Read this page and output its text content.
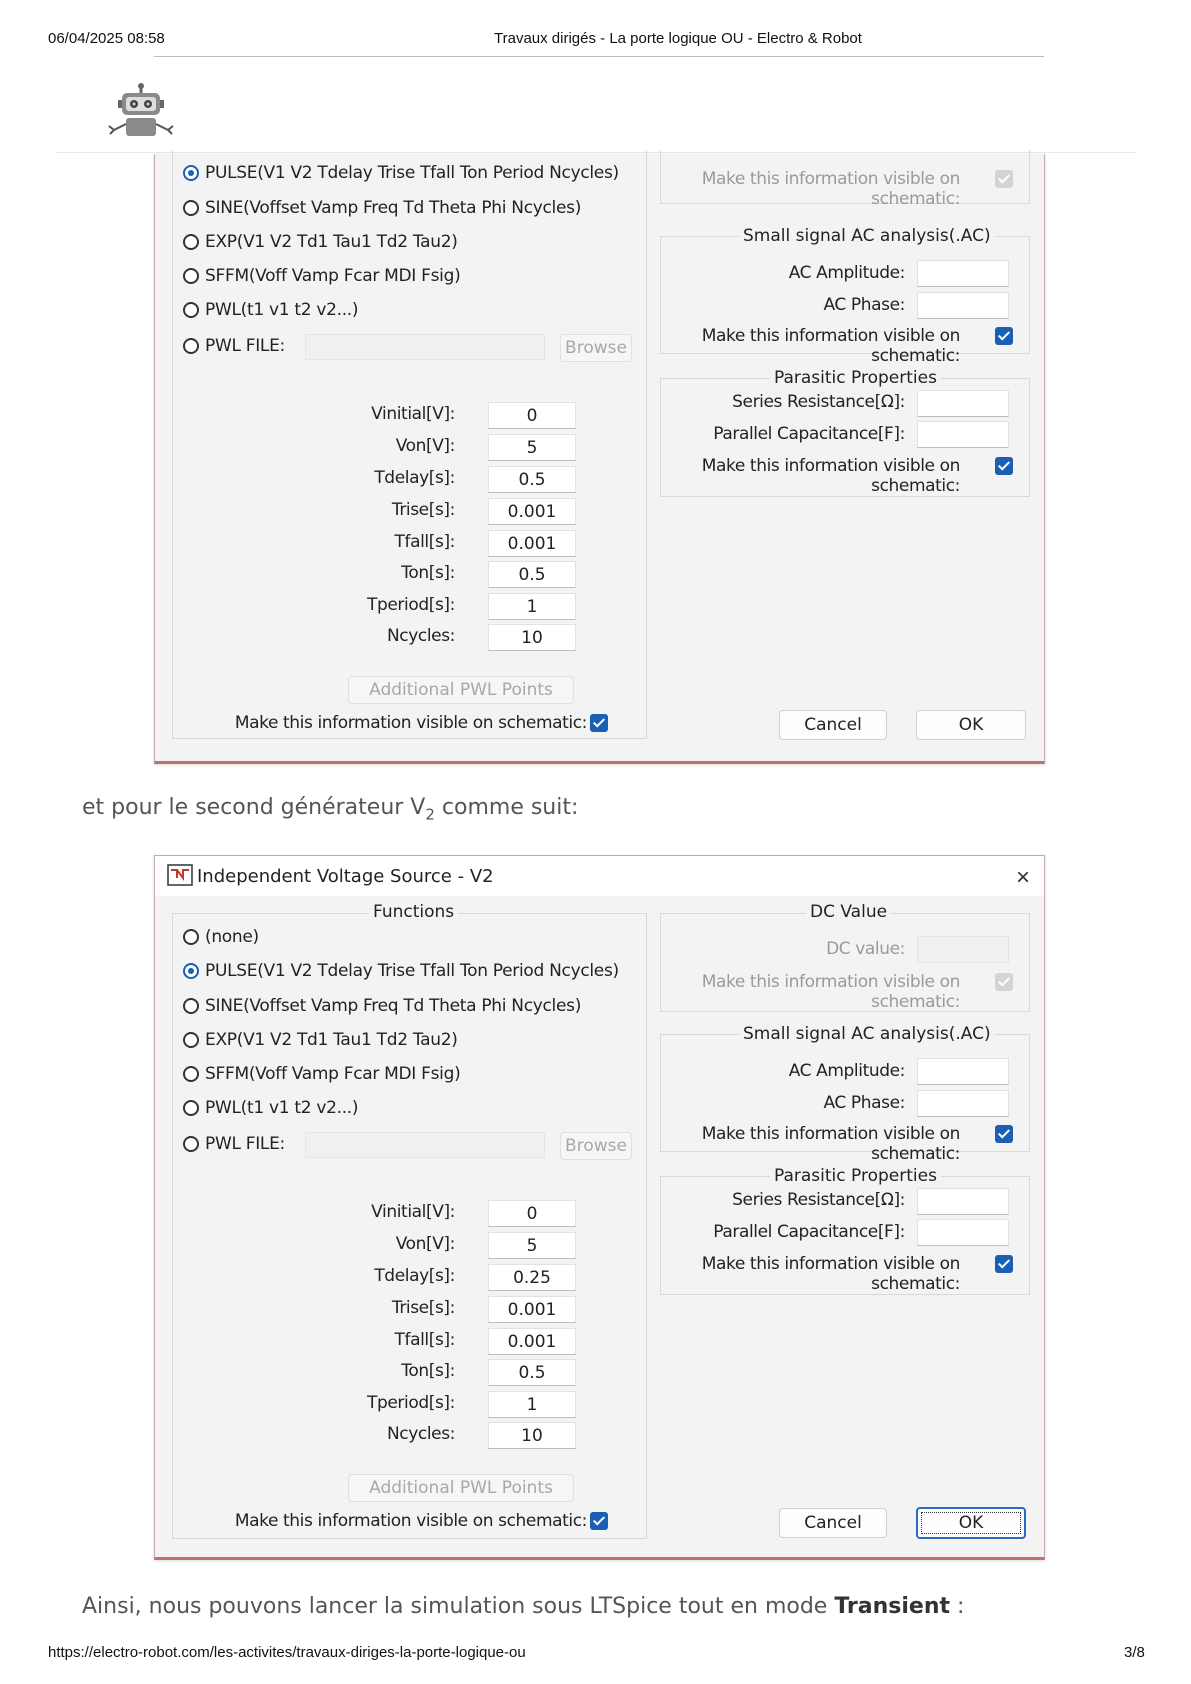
06/04/2025 08:58	Travaux dirigés - La porte logique OU - Electro & Robot
PULSE(V1 V2 Tdelay Trise Tfall Ton Period Ncycles)
SINE(Voffset Vamp Freq Td Theta Phi Ncycles)
EXP(V1 V2 Td1 Tau1 Td2 Tau2)
SFFM(Voff Vamp Fcar MDI Fsig)
PWL(t1 v1 t2 v2...)
PWL FILE:	Browse
Vinitial[V]:	0
Von[V]:	5
Tdelay[s]:	0.5
Trise[s]:	0.001
Tfall[s]:	0.001
Ton[s]:	0.5
Tperiod[s]:	1
Ncycles:	10
Additional PWL Points
Make this information visible on schematic:
Make this information visible on schematic:
Small signal AC analysis(.AC)
AC Amplitude:
AC Phase:
Make this information visible on schematic:
Parasitic Properties
Series Resistance[Ω]:
Parallel Capacitance[F]:
Make this information visible on schematic:
Cancel	OK
et pour le second générateur $V_2$ comme suit:
Independent Voltage Source - V2	×
Functions
(none)
PULSE(V1 V2 Tdelay Trise Tfall Ton Period Ncycles)
SINE(Voffset Vamp Freq Td Theta Phi Ncycles)
EXP(V1 V2 Td1 Tau1 Td2 Tau2)
SFFM(Voff Vamp Fcar MDI Fsig)
PWL(t1 v1 t2 v2...)
PWL FILE:	Browse
Vinitial[V]:	0
Von[V]:	5
Tdelay[s]:	0.25
Trise[s]:	0.001
Tfall[s]:	0.001
Ton[s]:	0.5
Tperiod[s]:	1
Ncycles:	10
Additional PWL Points
Make this information visible on schematic:
DC Value
DC value:
Make this information visible on schematic:
Small signal AC analysis(.AC)
AC Amplitude:
AC Phase:
Make this information visible on schematic:
Parasitic Properties
Series Resistance[Ω]:
Parallel Capacitance[F]:
Make this information visible on schematic:
Cancel	OK
Ainsi, nous pouvons lancer la simulation sous LTSpice tout en mode Transient :
https://electro-robot.com/les-activites/travaux-diriges-la-porte-logique-ou	3/8
